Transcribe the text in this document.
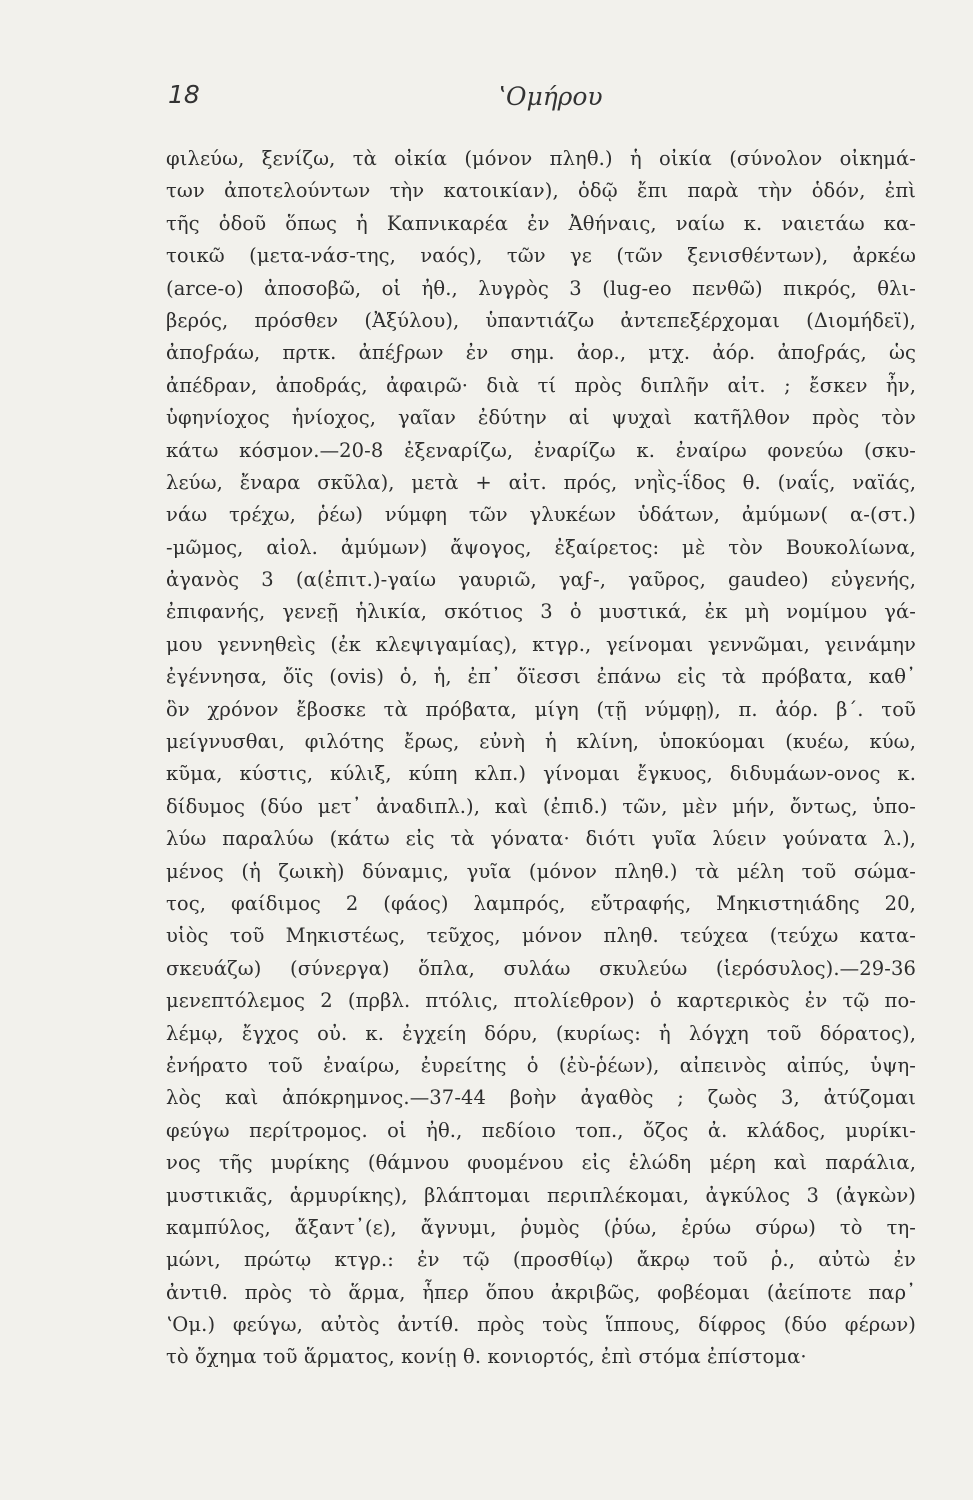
18	ʽΟμήρου
φιλεύω, ξενίζω, τὰ οἰκία (μόνον πληθ.) ἡ οἰκία (σύνολον οἰκημά-
των ἀποτελούντων τὴν κατοικίαν), ὁδῷ ἔπι παρὰ τὴν ὁδόν, ἐπὶ
τῆς ὁδοῦ ὅπως ἡ Καπνικαρέα ἐν Ἀθήναις, ναίω κ. ναιετάω κα-
τοικῶ (μετα-νάσ-της, ναός), τῶν γε (τῶν ξενισθέντων), ἀρκέω
(arce-o) ἀποσοβῶ, οἱ ἠθ., λυγρὸς 3 (lug-eo πενθῶ) πικρός, θλι-
βερός, πρόσθεν (Ἀξύλου), ὑπαντιάζω ἀντεπεξέρχομαι (Διομήδεϊ),
ἀποϝράω, πρτκ. ἀπέϝρων ἐν σημ. ἀορ., μτχ. ἀόρ. ἀποϝράς, ὡς
ἀπέδραν, ἀποδράς, ἀφαιρῶ· διὰ τί πρὸς διπλῆν αἰτ. ; ἔσκεν ἦν,
ὑφηνίοχος ἡνίοχος, γαῖαν ἐδύτην αἱ ψυχαὶ κατῆλθον πρὸς τὸν
κάτω κόσμον.—20-8 ἐξεναρίζω, ἐναρίζω κ. ἐναίρω φονεύω (σκυ-
λεύω, ἔναρα σκῦλα), μετὰ + αἰτ. πρός, νηῒς-ΐδος θ. (ναΐς, ναϊάς,
νάω τρέχω, ῥέω) νύμφη τῶν γλυκέων ὑδάτων, ἀμύμων( α-(στ.)
-μῶμος, αἰολ. ἀμύμων) ἄψογος, ἐξαίρετος: μὲ τὸν Βουκολίωνα,
ἀγανὸς 3 (α(ἐπιτ.)-γαίω γαυριῶ, γαϝ-, γαῦρος, gaudeo) εὐγενής,
ἐπιφανής, γενεῇ ἡλικία, σκότιος 3 ὁ μυστικά, ἐκ μὴ νομίμου γά-
μου γεννηθεὶς (ἐκ κλεψιγαμίας), κτγρ., γείνομαι γεννῶμαι, γεινάμην
ἐγέννησα, ὄϊς (ovis) ὁ, ἡ, ἐπ᾽ ὄϊεσσι ἐπάνω εἰς τὰ πρόβατα, καθ᾽
ὃν χρόνον ἔβοσκε τὰ πρόβατα, μίγη (τῇ νύμφῃ), π. ἀόρ. β΄. τοῦ
μείγνυσθαι, φιλότης ἔρως, εὐνὴ ἡ κλίνη, ὑποκύομαι (κυέω, κύω,
κῦμα, κύστις, κύλιξ, κύπη κλπ.) γίνομαι ἔγκυος, διδυμάων-ονος κ.
δίδυμος (δύο μετ᾽ ἀναδιπλ.), καὶ (ἐπιδ.) τῶν, μὲν μήν, ὄντως, ὑπο-
λύω παραλύω (κάτω εἰς τὰ γόνατα· διότι γυῖα λύειν γούνατα λ.),
μένος (ἡ ζωικὴ) δύναμις, γυῖα (μόνον πληθ.) τὰ μέλη τοῦ σώμα-
τος, φαίδιμος 2 (φάος) λαμπρός, εὔτραφής, Μηκιστηιάδης 20,
υἱὸς τοῦ Μηκιστέως, τεῦχος, μόνον πληθ. τεύχεα (τεύχω κατα-
σκευάζω) (σύνεργα) ὅπλα, συλάω σκυλεύω (ἱερόσυλος).—29-36
μενεπτόλεμος 2 (πρβλ. πτόλις, πτολίεθρον) ὁ καρτερικὸς ἐν τῷ πο-
λέμῳ, ἔγχος οὐ. κ. ἐγχείη δόρυ, (κυρίως: ἡ λόγχη τοῦ δόρατος),
ἐνήρατο τοῦ ἐναίρω, ἐυρείτης ὁ (ἐὺ-ῥέων), αἰπεινὸς αἰπύς, ὑψη-
λὸς καὶ ἀπόκρημνος.—37-44 βοὴν ἀγαθὸς ; ζωὸς 3, ἀτύζομαι
φεύγω περίτρομος. οἱ ἠθ., πεδίοιο τοπ., ὄζος ἀ. κλάδος, μυρίκι-
νος τῆς μυρίκης (θάμνου φυομένου εἰς ἑλώδη μέρη καὶ παράλια,
μυστικιᾶς, ἁρμυρίκης), βλάπτομαι περιπλέκομαι, ἀγκύλος 3 (ἀγκὼν)
καμπύλος, ἄξαντ᾽(ε), ἄγνυμι, ῥυμὸς (ῥύω, ἐρύω σύρω) τὸ τη-
μώνι, πρώτῳ κτγρ.: ἐν τῷ (προσθίῳ) ἄκρῳ τοῦ ῥ., αὐτὼ ἐν
ἀντιθ. πρὸς τὸ ἅρμα, ἧπερ ὅπου ἀκριβῶς, φοβέομαι (ἀείποτε παρ᾽
ʽΟμ.) φεύγω, αὐτὸς ἀντίθ. πρὸς τοὺς ἵππους, δίφρος (δύο φέρων)
τὸ ὄχημα τοῦ ἅρματος, κονίῃ θ. κονιορτός, ἐπὶ στόμα ἐπίστομα·
